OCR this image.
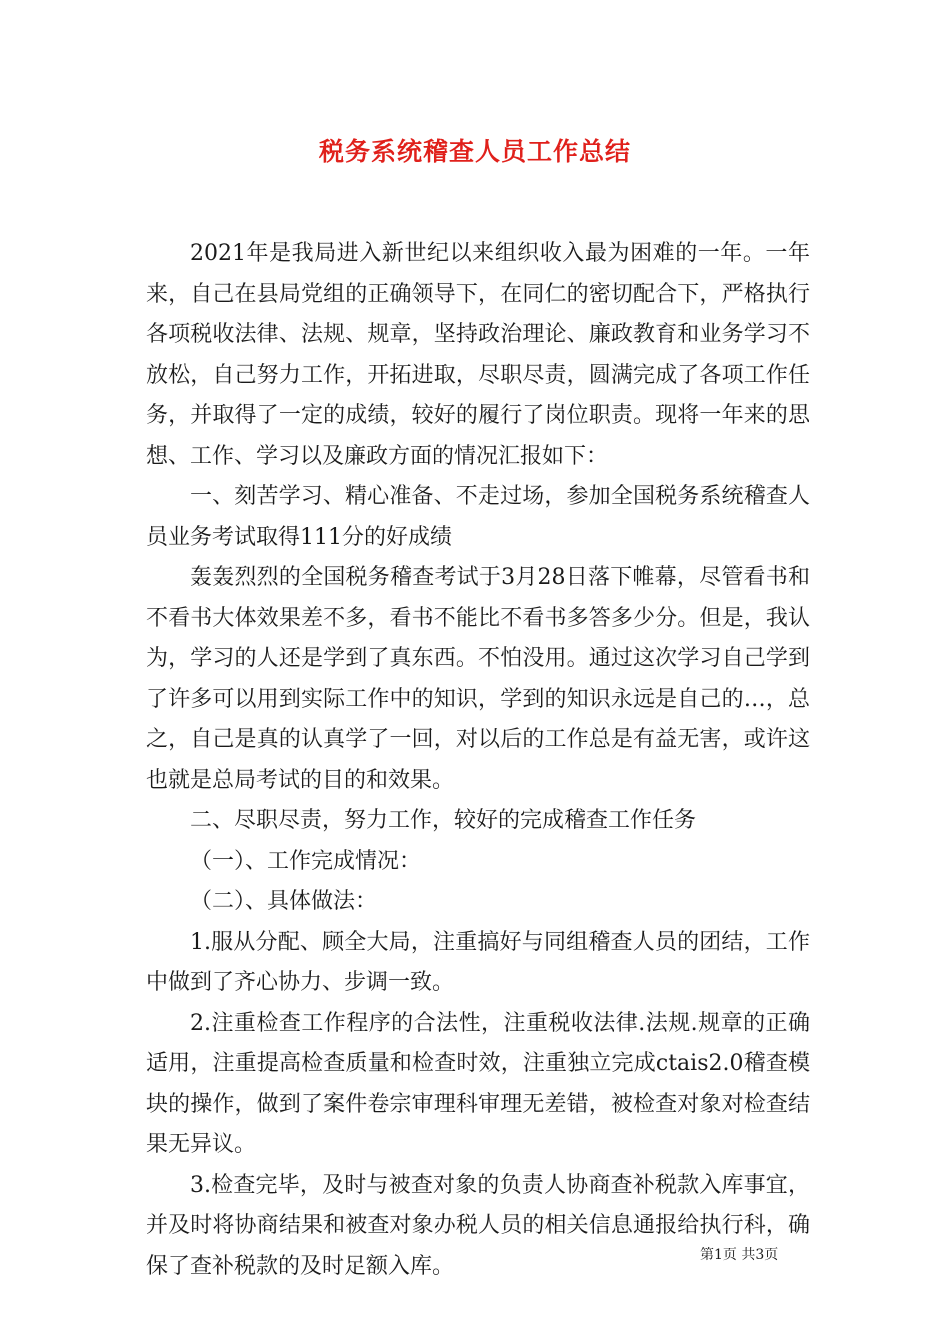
税务系统稽查人员工作总结

2021年是我局进入新世纪以来组织收入最为困难的一年。一年来，自己在县局党组的正确领导下，在同仁的密切配合下，严格执行各项税收法律、法规、规章，坚持政治理论、廉政教育和业务学习不放松，自己努力工作，开拓进取，尽职尽责，圆满完成了各项工作任务，并取得了一定的成绩，较好的履行了岗位职责。现将一年来的思想、工作、学习以及廉政方面的情况汇报如下：

一、刻苦学习、精心准备、不走过场，参加全国税务系统稽查人员业务考试取得111分的好成绩

轰轰烈烈的全国税务稽查考试于3月28日落下帷幕，尽管看书和不看书大体效果差不多，看书不能比不看书多答多少分。但是，我认为，学习的人还是学到了真东西。不怕没用。通过这次学习自己学到了许多可以用到实际工作中的知识，学到的知识永远是自己的…，总之，自己是真的认真学了一回，对以后的工作总是有益无害，或许这也就是总局考试的目的和效果。

二、尽职尽责，努力工作，较好的完成稽查工作任务

（一）、工作完成情况：

（二）、具体做法：

1.服从分配、顾全大局，注重搞好与同组稽查人员的团结，工作中做到了齐心协力、步调一致。

2.注重检查工作程序的合法性，注重税收法律.法规.规章的正确适用，注重提高检查质量和检查时效，注重独立完成ctais2.0稽查模块的操作，做到了案件卷宗审理科审理无差错，被检查对象对检查结果无异议。

3.检查完毕，及时与被查对象的负责人协商查补税款入库事宜，并及时将协商结果和被查对象办税人员的相关信息通报给执行科，确保了查补税款的及时足额入库。	第1页 共3页
